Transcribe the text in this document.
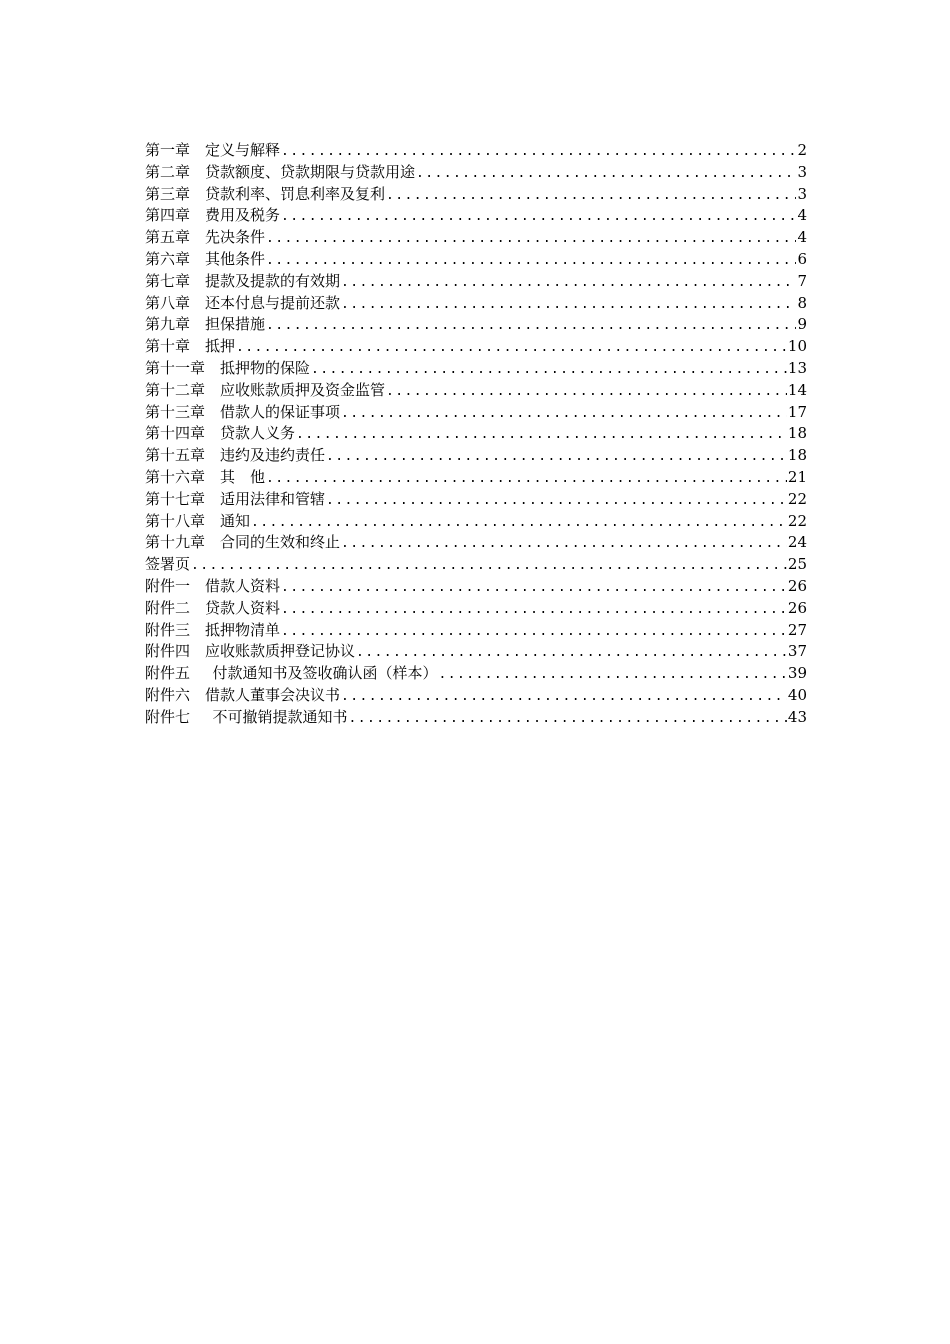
第一章 定义与解释 .....	2
第二章 贷款额度、贷款期限与贷款用途 .....	3
第三章 贷款利率、罚息利率及复利 .....	3
第四章 费用及税务 .....	4
第五章 先决条件 .....	4
第六章 其他条件 .....	6
第七章 提款及提款的有效期 .....	7
第八章 还本付息与提前还款 .....	8
第九章 担保措施 .....	9
第十章 抵押 .....	10
第十一章 抵押物的保险 .....	13
第十二章 应收账款质押及资金监管 .....	14
第十三章 借款人的保证事项 .....	17
第十四章 贷款人义务 .....	18
第十五章 违约及违约责任 .....	18
第十六章 其　他 .....	21
第十七章 适用法律和管辖 .....	22
第十八章 通知 .....	22
第十九章 合同的生效和终止 .....	24
签署页 .....	25
附件一 借款人资料 .....	26
附件二 贷款人资料 .....	26
附件三 抵押物清单 .....	27
附件四 应收账款质押登记协议 .....	37
附件五 付款通知书及签收确认函（样本） .....	39
附件六 借款人董事会决议书 .....	40
附件七 不可撤销提款通知书 .....	43
